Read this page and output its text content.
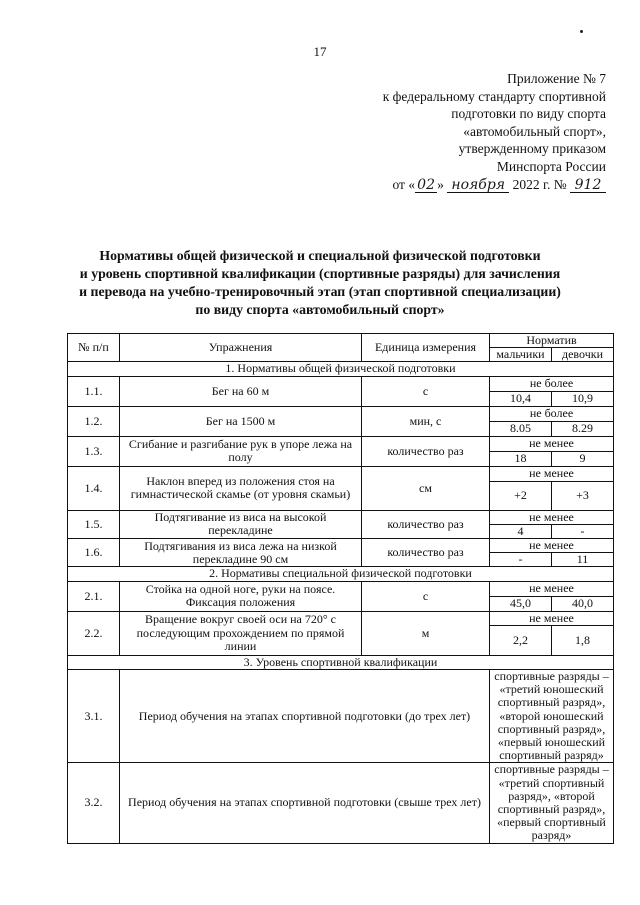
17
Приложение № 7
к федеральному стандарту спортивной
подготовки по виду спорта
«автомобильный спорт»,
утвержденному приказом
Минспорта России
от « 02 » ноября 2022 г. № 912
Нормативы общей физической и специальной физической подготовки
и уровень спортивной квалификации (спортивные разряды) для зачисления
и перевода на учебно-тренировочный этап (этап спортивной специализации)
по виду спорта «автомобильный спорт»
№ п/п	Упражнения	Единица измерения	Норматив	
			мальчики	девочки
1. Нормативы общей физической подготовки				
1.1.	Бег на 60 м	с	не более	
			10,4	10,9
1.2.	Бег на 1500 м	мин, с	не более	
			8.05	8.29
1.3.	Сгибание и разгибание рук в упоре лежа на полу	количество раз	не менее	
			18	9
1.4.	Наклон вперед из положения стоя на гимнастической скамье (от уровня скамьи)	см	не менее	
			+2	+3
1.5.	Подтягивание из виса на высокой перекладине	количество раз	не менее	
			4	-
1.6.	Подтягивания из виса лежа на низкой перекладине 90 см	количество раз	не менее	
			-	11
2. Нормативы специальной физической подготовки				
2.1.	Стойка на одной ноге, руки на поясе. Фиксация положения	с	не менее	
			45,0	40,0
2.2.	Вращение вокруг своей оси на 720° с последующим прохождением по прямой линии	м	не менее	
			2,2	1,8
3. Уровень спортивной квалификации				
3.1.	Период обучения на этапах спортивной подготовки (до трех лет)		спортивные разряды – «третий юношеский спортивный разряд», «второй юношеский спортивный разряд», «первый юношеский спортивный разряд»	
3.2.	Период обучения на этапах спортивной подготовки (свыше трех лет)		спортивные разряды – «третий спортивный разряд», «второй спортивный разряд», «первый спортивный разряд»	
